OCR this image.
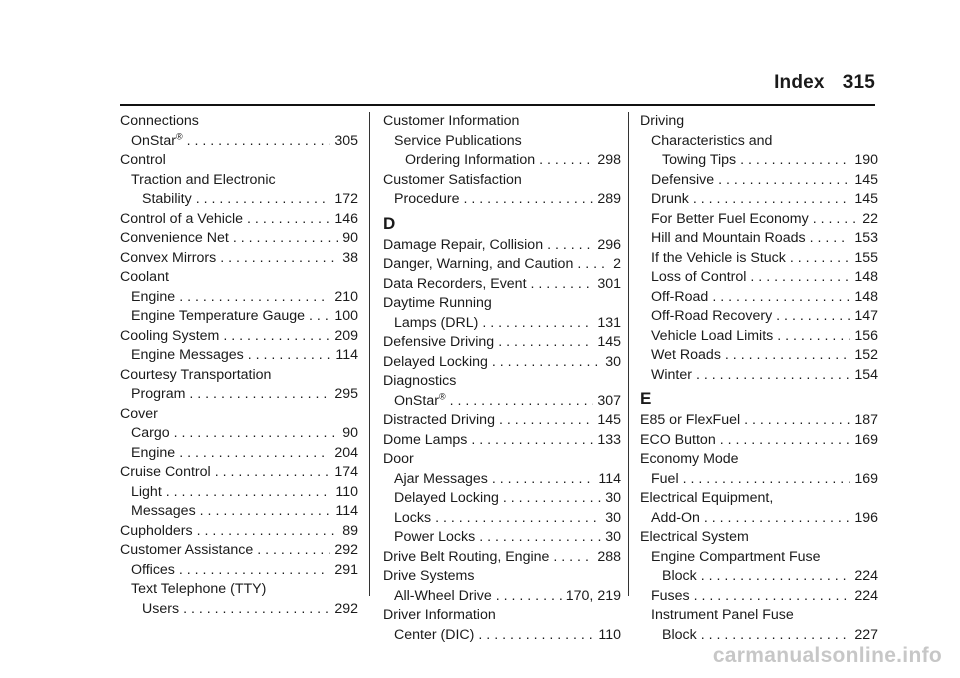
Index 315
Connections
OnStar® . . .	305
Control
Traction and Electronic
Stability . . .	172
Control of a Vehicle . . .	146
Convenience Net . . .	90
Convex Mirrors . . .	38
Coolant
Engine . . .	210
Engine Temperature Gauge . . . 100
Cooling System . . .	209
Engine Messages . . .	114
Courtesy Transportation
Program . . .	295
Cover
Cargo . . .	90
Engine . . .	204
Cruise Control . . .	174
Light . . .	110
Messages . . .	114
Cupholders . . .	89
Customer Assistance . . .	292
Offices . . .	291
Text Telephone (TTY)
Users . . .	292
Customer Information
Service Publications
Ordering Information . . .	298
Customer Satisfaction
Procedure . . .	289
D
Damage Repair, Collision . . .	296
Danger, Warning, and Caution . . .	2
Data Recorders, Event . . .	301
Daytime Running
Lamps (DRL) . . .	131
Defensive Driving . . .	145
Delayed Locking . . .	30
Diagnostics
OnStar® . . .	307
Distracted Driving . . .	145
Dome Lamps . . .	133
Door
Ajar Messages . . .	114
Delayed Locking . . .	30
Locks . . .	30
Power Locks . . .	30
Drive Belt Routing, Engine . . .	288
Drive Systems
All-Wheel Drive . . .	170, 219
Driver Information
Center (DIC) . . .	110
Driving
Characteristics and
Towing Tips . . .	190
Defensive . . .	145
Drunk . . .	145
For Better Fuel Economy . . .	22
Hill and Mountain Roads . . .	153
If the Vehicle is Stuck . . .	155
Loss of Control . . .	148
Off-Road . . .	148
Off-Road Recovery . . .	147
Vehicle Load Limits . . .	156
Wet Roads . . .	152
Winter . . .	154
E
E85 or FlexFuel . . .	187
ECO Button . . .	169
Economy Mode
Fuel . . .	169
Electrical Equipment,
Add-On . . .	196
Electrical System
Engine Compartment Fuse
Block . . .	224
Fuses . . .	224
Instrument Panel Fuse
Block . . .	227
carmanualsonline.info
